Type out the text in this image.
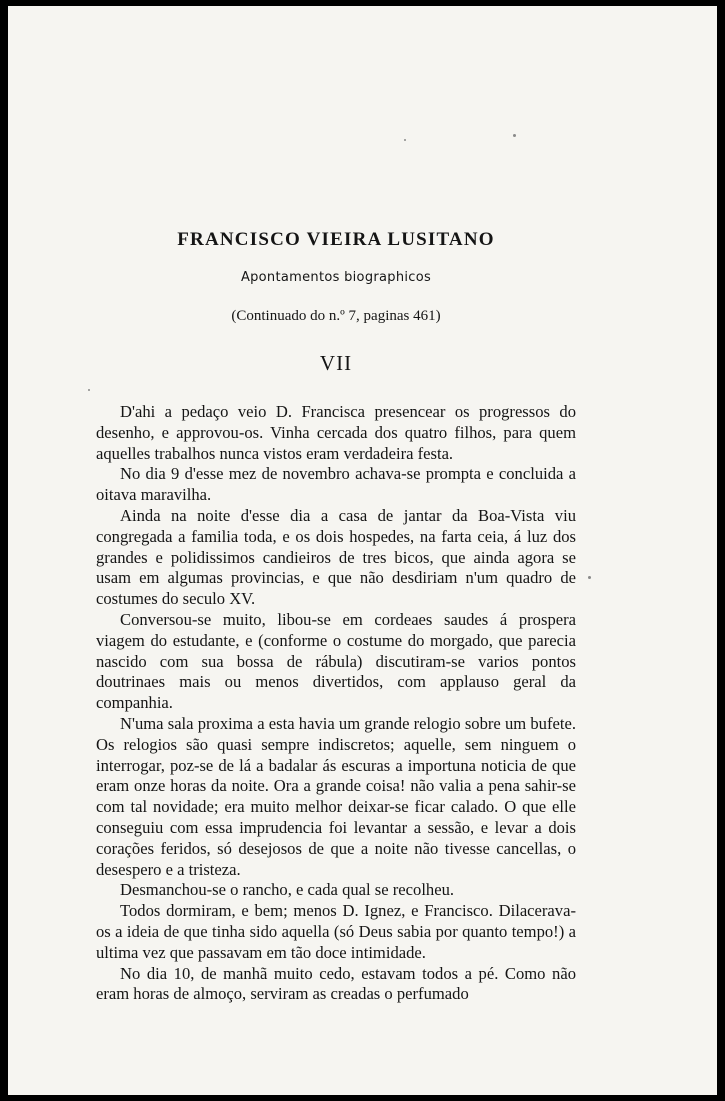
FRANCISCO VIEIRA LUSITANO
Apontamentos biographicos
(Continuado do n.º 7, paginas 461)
VII

D'ahi a pedaço veio D. Francisca presencear os progressos do desenho, e approvou-os. Vinha cercada dos quatro filhos, para quem aquelles trabalhos nunca vistos eram verdadeira festa.

No dia 9 d'esse mez de novembro achava-se prompta e concluida a oitava maravilha.

Ainda na noite d'esse dia a casa de jantar da Boa-Vista viu congregada a familia toda, e os dois hospedes, na farta ceia, á luz dos grandes e polidissimos candieiros de tres bicos, que ainda agora se usam em algumas provincias, e que não desdiriam n'um quadro de costumes do seculo XV.

Conversou-se muito, libou-se em cordeaes saudes á prospera viagem do estudante, e (conforme o costume do morgado, que parecia nascido com sua bossa de rábula) discutiram-se varios pontos doutrinaes mais ou menos divertidos, com applauso geral da companhia.

N'uma sala proxima a esta havia um grande relogio sobre um bufete. Os relogios são quasi sempre indiscretos; aquelle, sem ninguem o interrogar, poz-se de lá a badalar ás escuras a importuna noticia de que eram onze horas da noite. Ora a grande coisa! não valia a pena sahir-se com tal novidade; era muito melhor deixar-se ficar calado. O que elle conseguiu com essa imprudencia foi levantar a sessão, e levar a dois corações feridos, só desejosos de que a noite não tivesse cancellas, o desespero e a tristeza.

Desmanchou-se o rancho, e cada qual se recolheu.

Todos dormiram, e bem; menos D. Ignez, e Francisco. Dilacerava-os a ideia de que tinha sido aquella (só Deus sabia por quanto tempo!) a ultima vez que passavam em tão doce intimidade.

No dia 10, de manhã muito cedo, estavam todos a pé. Como não eram horas de almoço, serviram as creadas o perfumado
